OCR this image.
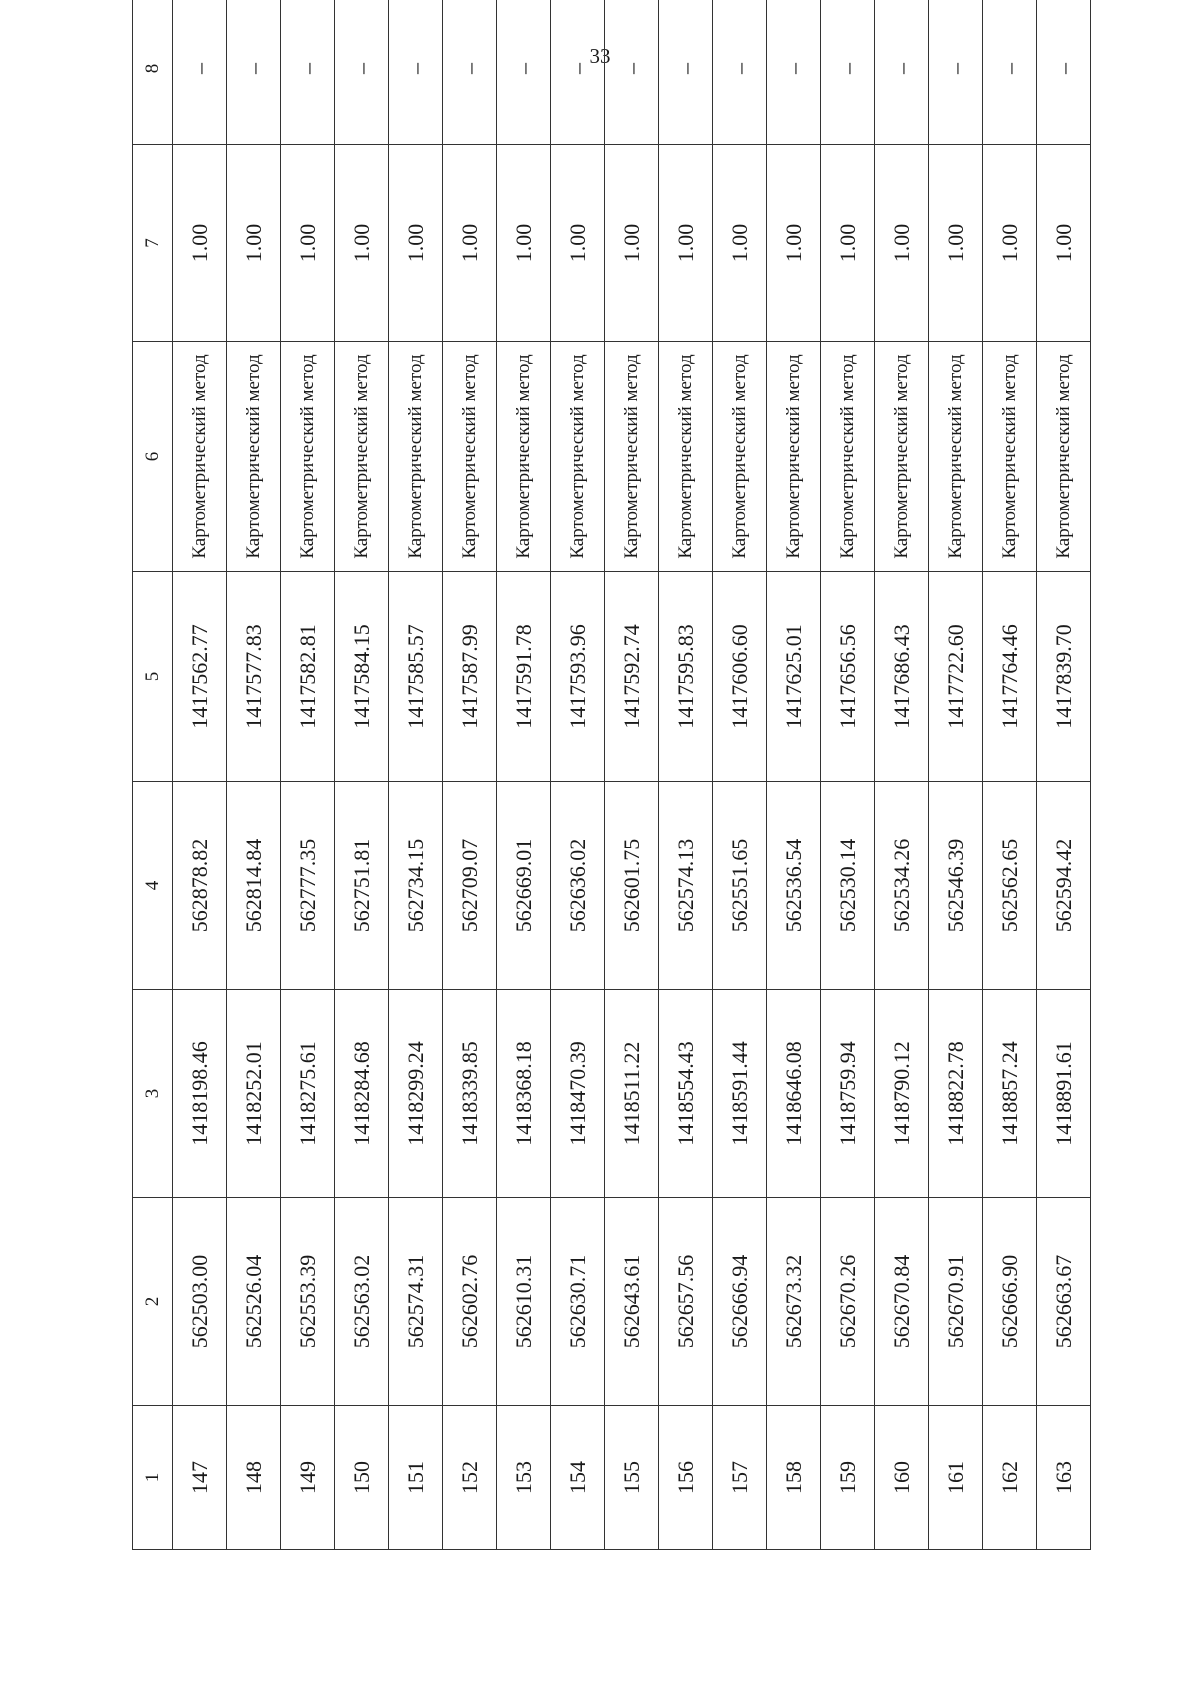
33
1	2	3	4	5	6	7	8
147	562503.00	1418198.46	562878.82	1417562.77	Картометрический метод	1.00	–
148	562526.04	1418252.01	562814.84	1417577.83	Картометрический метод	1.00	–
149	562553.39	1418275.61	562777.35	1417582.81	Картометрический метод	1.00	–
150	562563.02	1418284.68	562751.81	1417584.15	Картометрический метод	1.00	–
151	562574.31	1418299.24	562734.15	1417585.57	Картометрический метод	1.00	–
152	562602.76	1418339.85	562709.07	1417587.99	Картометрический метод	1.00	–
153	562610.31	1418368.18	562669.01	1417591.78	Картометрический метод	1.00	–
154	562630.71	1418470.39	562636.02	1417593.96	Картометрический метод	1.00	–
155	562643.61	1418511.22	562601.75	1417592.74	Картометрический метод	1.00	–
156	562657.56	1418554.43	562574.13	1417595.83	Картометрический метод	1.00	–
157	562666.94	1418591.44	562551.65	1417606.60	Картометрический метод	1.00	–
158	562673.32	1418646.08	562536.54	1417625.01	Картометрический метод	1.00	–
159	562670.26	1418759.94	562530.14	1417656.56	Картометрический метод	1.00	–
160	562670.84	1418790.12	562534.26	1417686.43	Картометрический метод	1.00	–
161	562670.91	1418822.78	562546.39	1417722.60	Картометрический метод	1.00	–
162	562666.90	1418857.24	562562.65	1417764.46	Картометрический метод	1.00	–
163	562663.67	1418891.61	562594.42	1417839.70	Картометрический метод	1.00	–
